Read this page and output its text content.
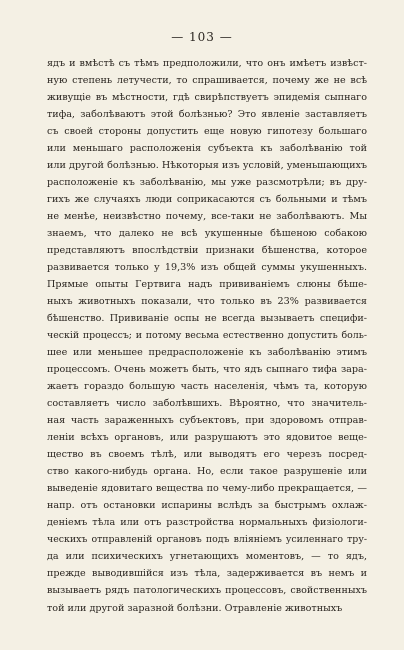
— 103 —
ядъ и вмѣстѣ съ тѣмъ предположили, что онъ имѣетъ извѣст-
ную степень летучести, то спрашивается, почему же не всѣ
живущіе въ мѣстности, гдѣ свирѣпствуетъ эпидемія сыпнаго
тифа, заболѣваютъ этой болѣзнью? Это явленіе заставляетъ
съ своей стороны допустить еще новую гипотезу большаго
или меньшаго расположенія субъекта къ заболѣванію той
или другой болѣзнью. Нѣкоторыя изъ условій, уменьшающихъ
расположеніе къ заболѣванію, мы уже разсмотрѣли; въ дру-
гихъ же случаяхъ люди соприкасаются съ больными и тѣмъ
не менѣе, неизвѣстно почему, все-таки не заболѣваютъ. Мы
знаемъ, что далеко не всѣ укушенные бѣшеною собакою
представляютъ впослѣдствіи признаки бѣшенства, которое
развивается только у 19,3% изъ общей суммы укушенныхъ.
Прямые опыты Гертвига надъ прививаніемъ слюны бѣше-
ныхъ животныхъ показали, что только въ 23% развивается
бѣшенство. Прививаніе оспы не всегда вызываетъ специфи-
ческій процессъ; и потому весьма естественно допустить боль-
шее или меньшее предрасположеніе къ заболѣванію этимъ
процессомъ. Очень можетъ быть, что ядъ сыпнаго тифа зара-
жаетъ гораздо большую часть населенія, чѣмъ та, которую
составляетъ число заболѣвшихъ. Вѣроятно, что значитель-
ная часть зараженныхъ субъектовъ, при здоровомъ отправ-
леніи всѣхъ органовъ, или разрушаютъ это ядовитое веще-
щество въ своемъ тѣлѣ, или выводятъ его черезъ посред-
ство какого-нибудь органа. Но, если такое разрушеніе или
выведеніе ядовитаго вещества по чему-либо прекращается, —
напр. отъ остановки испарины вслѣдъ за быстрымъ охлаж-
деніемъ тѣла или отъ разстройства нормальныхъ физіологи-
ческихъ отправленій органовъ подъ вліяніемъ усиленнаго тру-
да или психическихъ угнетающихъ моментовъ, — то ядъ,
прежде выводившійся изъ тѣла, задерживается въ немъ и
вызываетъ рядъ патологическихъ процессовъ, свойственныхъ
той или другой заразной болѣзни. Отравленіе животныхъ
